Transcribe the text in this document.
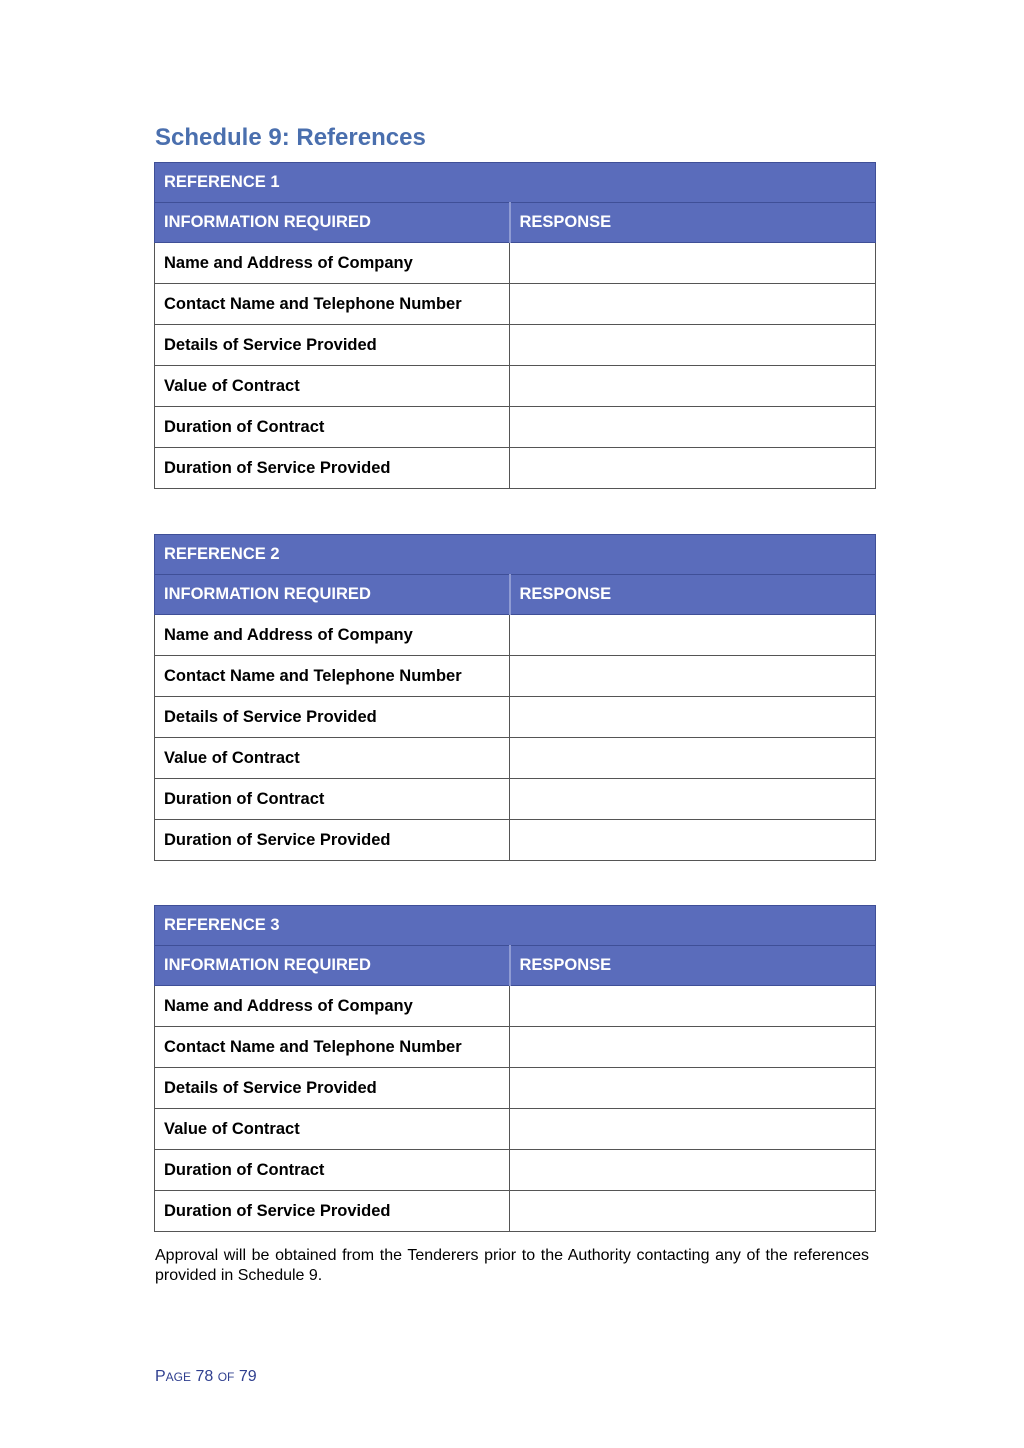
Schedule 9: References
REFERENCE 1	
INFORMATION REQUIRED	RESPONSE
Name and Address of Company	
Contact Name and Telephone Number	
Details of Service Provided	
Value of Contract	
Duration of Contract	
Duration of Service Provided	
REFERENCE 2	
INFORMATION REQUIRED	RESPONSE
Name and Address of Company	
Contact Name and Telephone Number	
Details of Service Provided	
Value of Contract	
Duration of Contract	
Duration of Service Provided	
REFERENCE 3	
INFORMATION REQUIRED	RESPONSE
Name and Address of Company	
Contact Name and Telephone Number	
Details of Service Provided	
Value of Contract	
Duration of Contract	
Duration of Service Provided	

Approval will be obtained from the Tenderers prior to the Authority contacting any of the references provided in Schedule 9.

PAGE 78 OF 79
